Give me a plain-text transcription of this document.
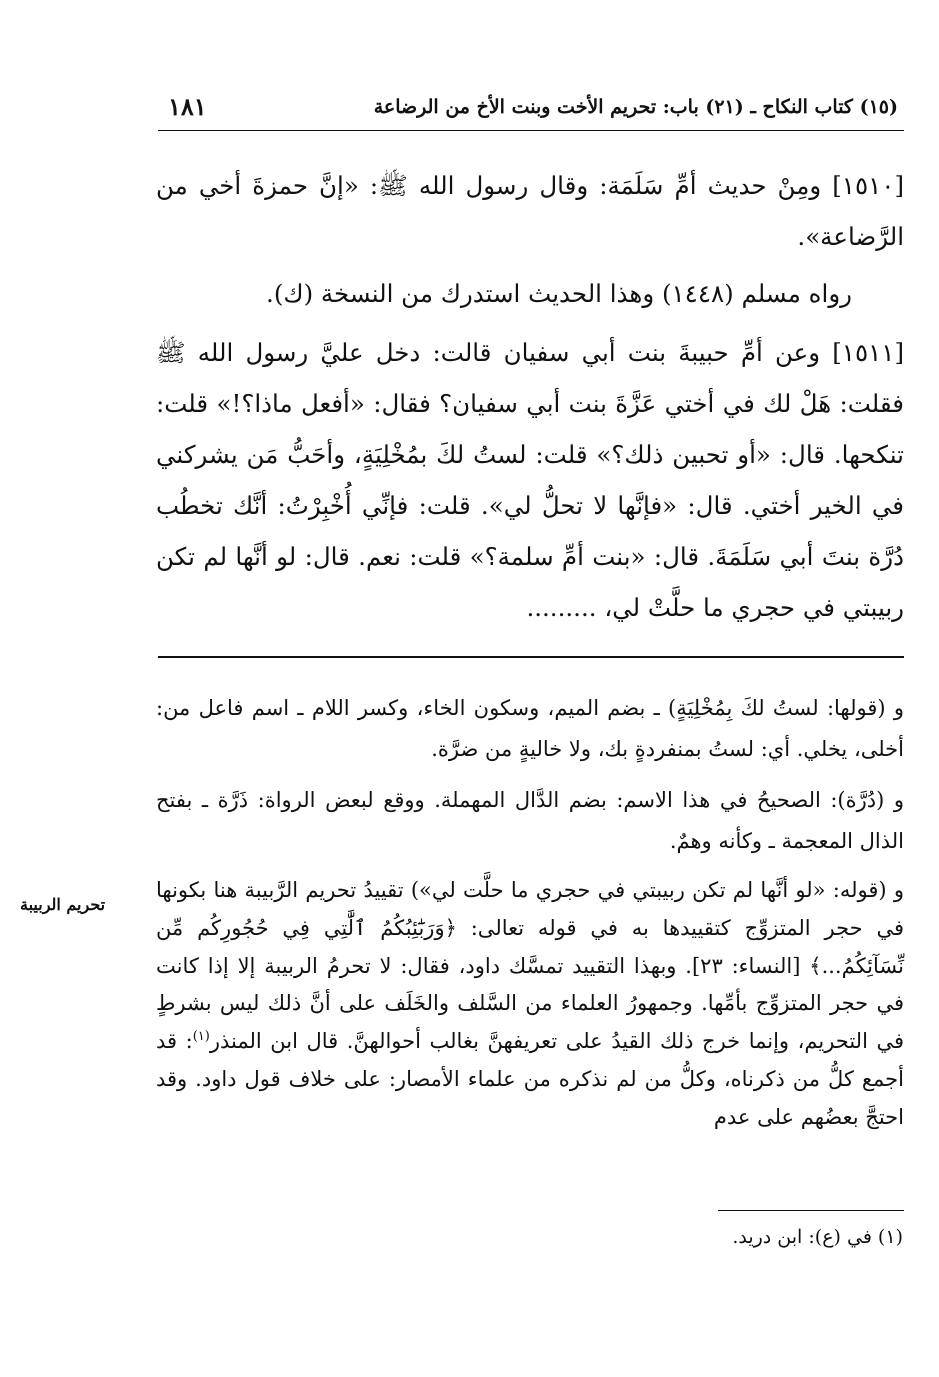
(١٥) كتاب النكاح ـ (٢١) باب: تحريم الأخت وبنت الأخ من الرضاعة
١٨١

[١٥١٠] ومِنْ حديث أمِّ سَلَمَة: وقال رسول الله ﷺ: «إنَّ حمزةَ أخي من الرَّضاعة».

رواه مسلم (١٤٤٨) وهذا الحديث استدرك من النسخة (ك).

[١٥١١] وعن أمِّ حبيبةَ بنت أبي سفيان قالت: دخل عليَّ رسول الله ﷺ فقلت: هَلْ لك في أختي عَزَّةَ بنت أبي سفيان؟ فقال: «أفعل ماذا؟!» قلت: تنكحها. قال: «أو تحبين ذلك؟» قلت: لستُ لكَ بمُخْلِيَةٍ، وأحَبُّ مَن يشركني في الخير أختي. قال: «فإنَّها لا تحلُّ لي». قلت: فإنِّي أُخْبِرْتُ: أنَّك تخطُب دُرَّة بنتَ أبي سَلَمَةَ. قال: «بنت أمِّ سلمة؟» قلت: نعم. قال: لو أنَّها لم تكن ربيبتي في حجري ما حلَّتْ لي، .........

و (قولها: لستُ لكَ بِمُخْلِيَةٍ) ـ بضم الميم، وسكون الخاء، وكسر اللام ـ اسم فاعل من: أخلى، يخلي. أي: لستُ بمنفردةٍ بك، ولا خاليةٍ من ضرَّة.

و (دُرَّة): الصحيحُ في هذا الاسم: بضم الدَّال المهملة. ووقع لبعض الرواة: ذَرَّة ـ بفتح الذال المعجمة ـ وكأنه وهمٌ.

و (قوله: «لو أنَّها لم تكن ربيبتي في حجري ما حلَّت لي») تقييدُ تحريم الرَّبيبة هنا بكونها في حجر المتزوِّج كتقييدها به في قوله تعالى: ﴿وَرَبَٰٓئِبُكُمُ ٱلَّٰتِي فِي حُجُورِكُم مِّن نِّسَآئِكُمُ...﴾ [النساء: ٢٣]. وبهذا التقييد تمسَّك داود، فقال: لا تحرمُ الربيبة إلا إذا كانت في حجر المتزوِّج بأمِّها. وجمهورُ العلماء من السَّلف والخَلَف على أنَّ ذلك ليس بشرطٍ في التحريم، وإنما خرج ذلك القيدُ على تعريفهنَّ بغالب أحوالهنَّ. قال ابن المنذر$^{(١)}$: قد أجمع كلُّ من ذكرناه، وكلُّ من لم نذكره من علماء الأمصار: على خلاف قول داود. وقد احتجَّ بعضُهم على عدم

تحريم الربيبة
(١) في (ع): ابن دريد.
